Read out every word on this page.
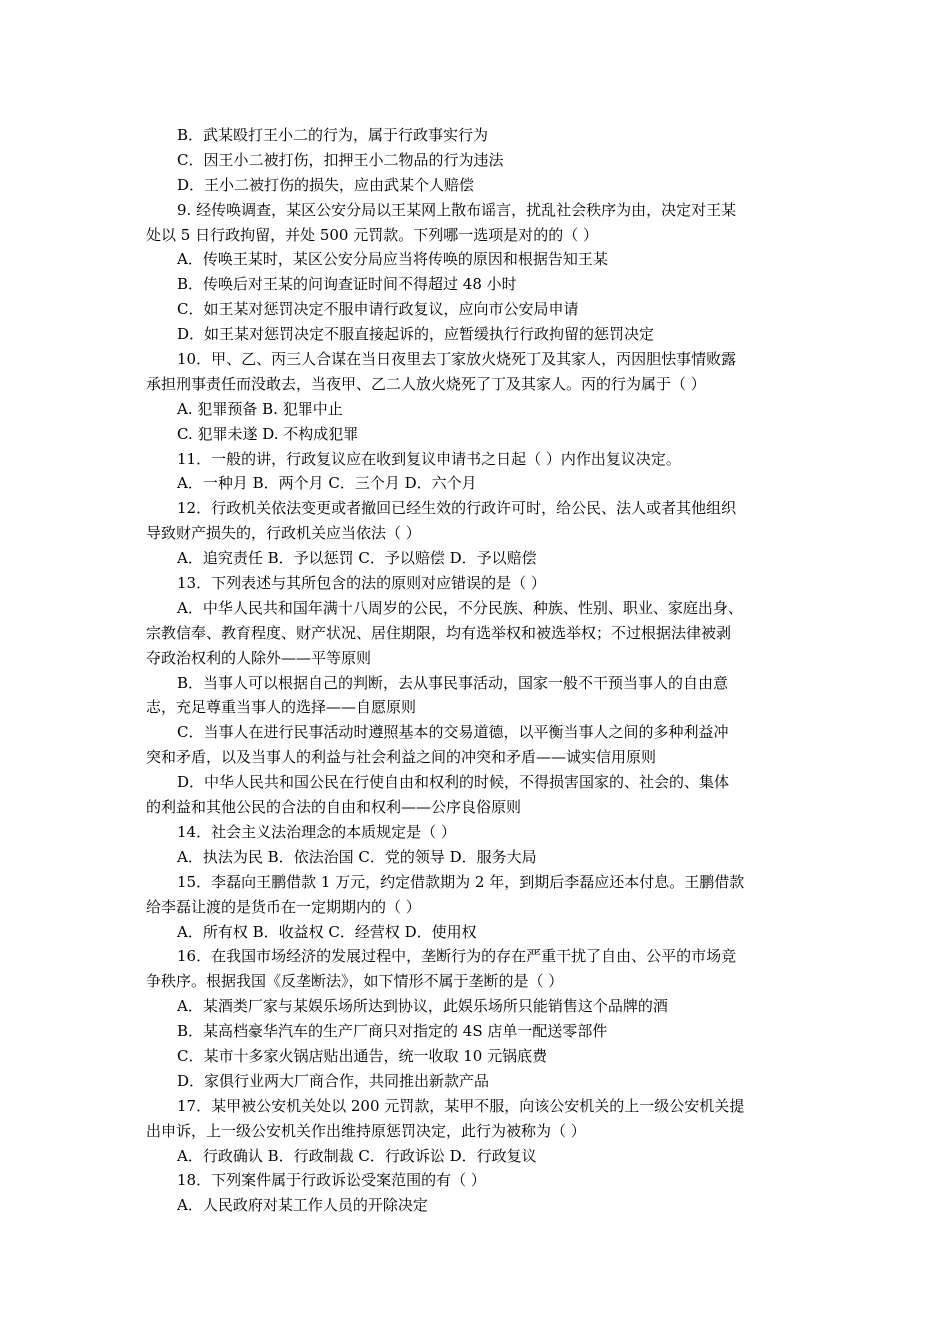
B．武某殴打王小二的行为，属于行政事实行为
C．因王小二被打伤，扣押王小二物品的行为违法
D．王小二被打伤的损失，应由武某个人赔偿
9. 经传唤调查，某区公安分局以王某网上散布谣言，扰乱社会秩序为由，决定对王某
处以 5 日行政拘留，并处 500 元罚款。下列哪一选项是对的的（ ）
A．传唤王某时，某区公安分局应当将传唤的原因和根据告知王某
B．传唤后对王某的问询查证时间不得超过 48 小时
C．如王某对惩罚决定不服申请行政复议，应向市公安局申请
D．如王某对惩罚决定不服直接起诉的，应暂缓执行行政拘留的惩罚决定
10．甲、乙、丙三人合谋在当日夜里去丁家放火烧死丁及其家人，丙因胆怯事情败露
承担刑事责任而没敢去，当夜甲、乙二人放火烧死了丁及其家人。丙的行为属于（ ）
A. 犯罪预备 B. 犯罪中止
C. 犯罪未遂 D. 不构成犯罪
11．一般的讲，行政复议应在收到复议申请书之日起（ ）内作出复议决定。
A．一种月 B．两个月 C．三个月 D．六个月
12．行政机关依法变更或者撤回已经生效的行政许可时，给公民、法人或者其他组织
导致财产损失的，行政机关应当依法（ ）
A．追究责任 B．予以惩罚 C．予以赔偿 D．予以赔偿
13．下列表述与其所包含的法的原则对应错误的是（ ）
A．中华人民共和国年满十八周岁的公民，不分民族、种族、性别、职业、家庭出身、
宗教信奉、教育程度、财产状况、居住期限，均有选举权和被选举权；不过根据法律被剥
夺政治权利的人除外——平等原则
B．当事人可以根据自己的判断，去从事民事活动，国家一般不干预当事人的自由意
志，充足尊重当事人的选择——自愿原则
C．当事人在进行民事活动时遵照基本的交易道德，以平衡当事人之间的多种利益冲
突和矛盾，以及当事人的利益与社会利益之间的冲突和矛盾——诚实信用原则
D．中华人民共和国公民在行使自由和权利的时候，不得损害国家的、社会的、集体
的利益和其他公民的合法的自由和权利——公序良俗原则
14．社会主义法治理念的本质规定是（ ）
A．执法为民 B．依法治国 C．党的领导 D．服务大局
15．李磊向王鹏借款 1 万元，约定借款期为 2 年，到期后李磊应还本付息。王鹏借款
给李磊让渡的是货币在一定期期内的（ ）
A．所有权 B．收益权 C．经营权 D．使用权
16．在我国市场经济的发展过程中，垄断行为的存在严重干扰了自由、公平的市场竞
争秩序。根据我国《反垄断法》，如下情形不属于垄断的是（ ）
A．某酒类厂家与某娱乐场所达到协议，此娱乐场所只能销售这个品牌的酒
B．某高档豪华汽车的生产厂商只对指定的 4S 店单一配送零部件
C．某市十多家火锅店贴出通告，统一收取 10 元锅底费
D．家俱行业两大厂商合作，共同推出新款产品
17．某甲被公安机关处以 200 元罚款，某甲不服，向该公安机关的上一级公安机关提
出申诉，上一级公安机关作出维持原惩罚决定，此行为被称为（ ）
A．行政确认 B．行政制裁 C．行政诉讼 D．行政复议
18．下列案件属于行政诉讼受案范围的有（ ）
A．人民政府对某工作人员的开除决定
